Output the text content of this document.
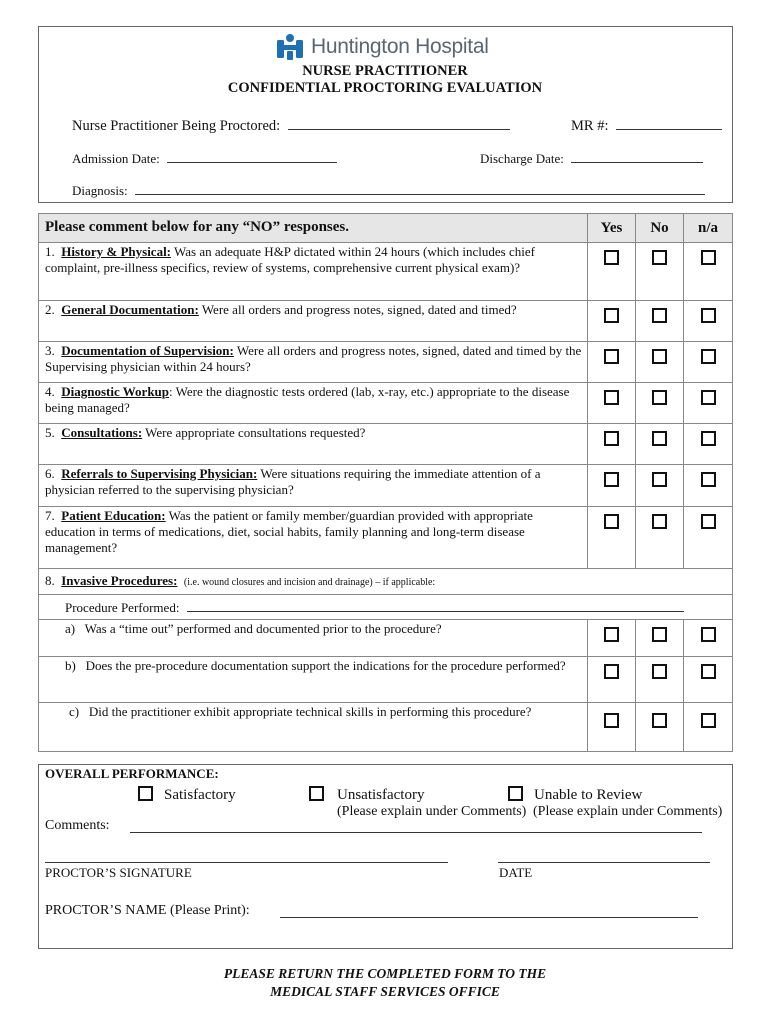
Huntington Hospital
NURSE PRACTITIONER
CONFIDENTIAL PROCTORING EVALUATION
Nurse Practitioner Being Proctored:	MR #:
Admission Date:	Discharge Date:
Diagnosis:
Please comment below for any “NO” responses.	Yes	No	n/a
1. History & Physical: Was an adequate H&P dictated within 24 hours (which includes chief complaint, pre-illness specifics, review of systems, comprehensive current physical exam)?			
2. General Documentation: Were all orders and progress notes, signed, dated and timed?			
3. Documentation of Supervision: Were all orders and progress notes, signed, dated and timed by the Supervising physician within 24 hours?			
4. Diagnostic Workup: Were the diagnostic tests ordered (lab, x-ray, etc.) appropriate to the disease being managed?			
5. Consultations: Were appropriate consultations requested?			
6. Referrals to Supervising Physician: Were situations requiring the immediate attention of a physician referred to the supervising physician?			
7. Patient Education: Was the patient or family member/guardian provided with appropriate education in terms of medications, diet, social habits, family planning and long-term disease management?			
8. Invasive Procedures: (i.e. wound closures and incision and drainage) – if applicable:			
Procedure Performed:			
a) Was a “time out” performed and documented prior to the procedure?			
b) Does the pre-procedure documentation support the indications for the procedure performed?			
c) Did the practitioner exhibit appropriate technical skills in performing this procedure?			
OVERALL PERFORMANCE:
Satisfactory	Unsatisfactory
(Please explain under Comments)
Unable to Review
(Please explain under Comments)
Comments:
PROCTOR’S SIGNATURE	DATE
PROCTOR’S NAME (Please Print):
PLEASE RETURN THE COMPLETED FORM TO THE
MEDICAL STAFF SERVICES OFFICE
